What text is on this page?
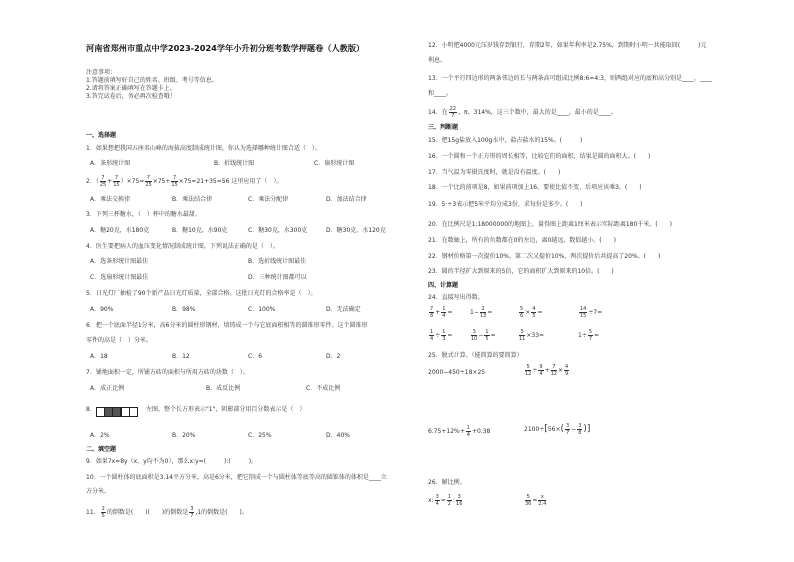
河南省郑州市重点中学2023-2024学年小升初分班考数学押题卷（人教版）
注意事项：
1.答题前填写好自己的姓名、班级、考号等信息。
2.请将答案正确填写在答题卡上。
3.答完试卷后，务必再次检查哦！
一、选择题
1．如果想把我国五座名山峰的海拔高度制成统计图，你认为选择哪种统计图合适（　）。
A．条形统计图	B．折线统计图	C．扇形统计图
2．（ $\frac{7}{25} + \frac{7}{15} )\times 75= \frac{7}{25} \times 75+ \frac{7}{15} \times 75=21+35=56$ 这里应用了（　）。
A．乘法交换律	B．乘法结合律	C．乘法分配律	D．加法结合律
3．下列三杯糖水，（　）杯中的糖水最甜。
A．糖20克，水180克	B．糖10克，水90克	C．糖30克，水300克	D．糖30克，水120克
4．医生要把病人的血压变化情况制成统计图，下列说法正确的是（　）。
A．选条形统计图最佳	B．选折线统计图最佳
C．选扇形统计图最佳	D．三种统计图都可以
5．日光灯厂抽检了90个新产品日光灯质量，全部合格。这批日光灯的合格率是（　）。
A．90%	B．98%	C．100%	D．无法确定
6．把一个底面半径1分米，高6分米的圆柱形钢材，熔铸成一个与它底面积相等的圆锥形零件。这个圆锥形
零件的高是（　）分米。
A．18	B．12	C．6	D．2
7．铺地面积一定，所铺方砖的面积与所用方砖的块数（　）。
A．成正比例	B．成反比例	C．不成比例
8．	左图，整个长方形表示"1"，阴影部分用百分数表示是（　）
A．2%	B．20%	C．25%	D．40%
二、填空题
9．如果7x=8y（x、y均不为0），那么x:y=(　　　):(　　　)。
10．一个圆柱体的底面积是3.14平方分米，高是6分米，把它削成一个与圆柱体等底等高的圆锥体的体积是____立
方分米。
11． $\frac{2}{5}$ 的倒数是(　　)(　　)的倒数是 $\frac{3}{7} ,1$的倒数是(　　)。
12．小明把4000元压岁钱存到银行，存期2年，如果年利率是2.75%，到期时小明一共能取回(　　　)元
利息。
13．一个平行四边形的两条邻边的长与两条高可组成比例8:6=4:3，则两组对应的底和高分别是____，____
和____。
14．在 $\frac{22}{7}$ 、π、314%，这三个数中，最大的是____，最小的是____。
三、判断题
15．把15g盐放入100g水中，盐占盐水的15%。(　　　)
16．一个圆和一个正方形的周长相等，比较它们的面积，结果是圆的面积大。(　　)
17．当气温为零摄氏度时，就是没有温度。(　　)
18．一个比的前项是8，如果前项加上16，要使比值不变，后项应该乘3。(　　)
19．5·÷3表示把5米平均分成3份，求每份是多少。(　　)
20．在比例尺是1:18000000的地图上，量得图上距离1厘米表示实际距离180千米。(　　)
21．在数轴上，所有的负数都在0的左边，离0越远，数值越小。(　　)
22．钢材价格第一次提价10%，第二次又提价10%，两次提价后共提高了20%。(　　)
23．圆的半径扩大到原来的5倍，它的面积扩大到原来的10倍。(　　)
四、计算题
24．直接写出得数。
$\frac{7}{8} + \frac{1}{4}$ =	$1- \frac{2}{13}$ =	$\frac{5}{6} \times \frac{4}{5}$ =	$\frac{14}{15} \div 7=$
$\frac{1}{4} \div \frac{1}{3}$ =	$\frac{3}{10} - \frac{1}{5}$ =	$\frac{5}{11} \times 33=$	$1\div \frac{5}{7}$ =
25．脱式计算。（能简算的要简算）
2000−450÷18×25	$\frac{5}{12} \div \frac{9}{4} + \frac{7}{12} \times \frac{4}{9}$
$6.75+12\%+ \frac{1}{4} +0.38$	$2100\div[56\times( \frac{3}{7} - \frac{3}{8}$ )]
26．解比例。
x: $\frac{3}{4} = \frac{1}{2}$ : $\frac{3}{16}$	$\frac{5}{36} = \frac{x}{2.4}$
